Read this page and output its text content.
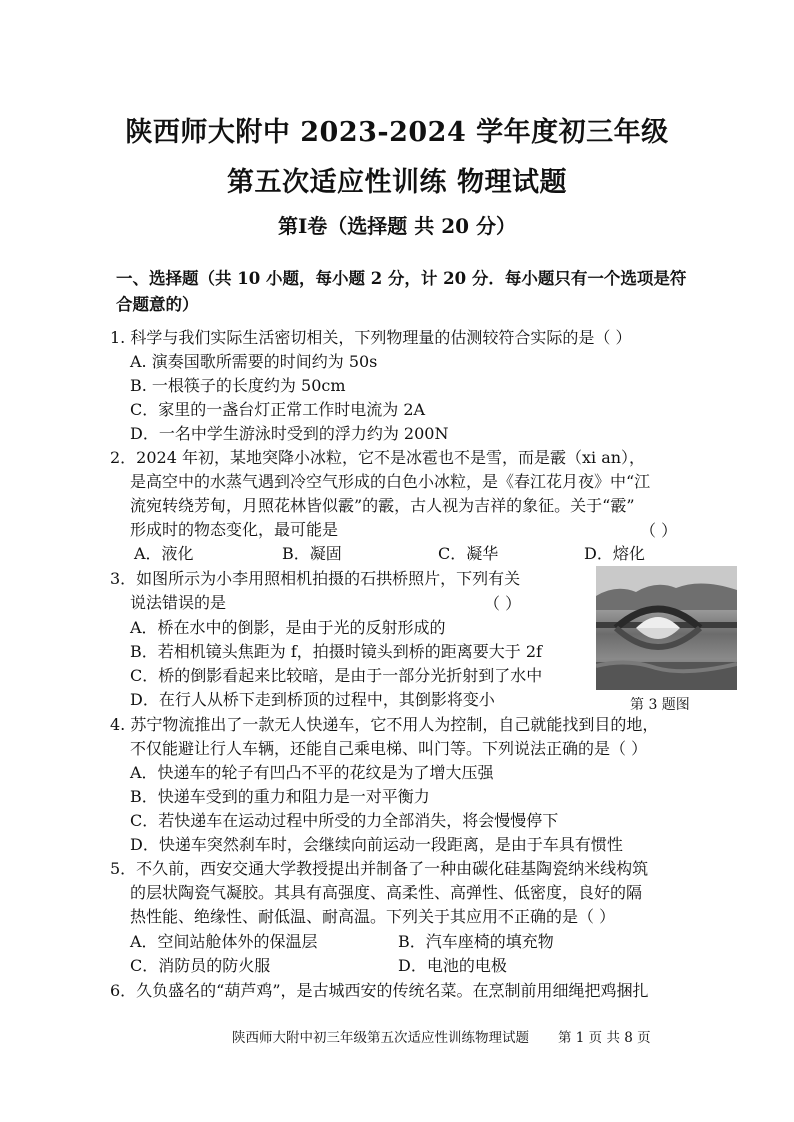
陕西师大附中 2023-2024 学年度初三年级
第五次适应性训练 物理试题
第Ⅰ卷（选择题 共 20 分）
一、选择题（共 10 小题，每小题 2 分，计 20 分．每小题只有一个选项是符
合题意的）
1. 科学与我们实际生活密切相关，下列物理量的估测较符合实际的是（ ）
A. 演奏国歌所需要的时间约为 50s
B. 一根筷子的长度约为 50cm
C．家里的一盏台灯正常工作时电流为 2A
D．一名中学生游泳时受到的浮力约为 200N
2．2024 年初，某地突降小冰粒，它不是冰雹也不是雪，而是霰（xi an），
是高空中的水蒸气遇到冷空气形成的白色小冰粒，是《春江花月夜》中“江
流宛转绕芳甸，月照花林皆似霰”的霰，古人视为吉祥的象征。关于“霰”
形成时的物态变化，最可能是	（ ）
A．液化	B．凝固	C．凝华	D．熔化
3．如图所示为小李用照相机拍摄的石拱桥照片，下列有关
说法错误的是	（ ）
A．桥在水中的倒影，是由于光的反射形成的
B．若相机镜头焦距为 f，拍摄时镜头到桥的距离要大于 2f
C．桥的倒影看起来比较暗，是由于一部分光折射到了水中
D．在行人从桥下走到桥顶的过程中，其倒影将变小	第 3 题图
4. 苏宁物流推出了一款无人快递车，它不用人为控制，自己就能找到目的地，
不仅能避让行人车辆，还能自己乘电梯、叫门等。下列说法正确的是（ ）
A．快递车的轮子有凹凸不平的花纹是为了增大压强
B．快递车受到的重力和阻力是一对平衡力
C．若快递车在运动过程中所受的力全部消失，将会慢慢停下
D．快递车突然刹车时，会继续向前运动一段距离，是由于车具有惯性
5．不久前，西安交通大学教授提出并制备了一种由碳化硅基陶瓷纳米线构筑
的层状陶瓷气凝胶。其具有高强度、高柔性、高弹性、低密度，良好的隔
热性能、绝缘性、耐低温、耐高温。下列关于其应用不正确的是（ ）
A．空间站舱体外的保温层	B．汽车座椅的填充物
C．消防员的防火服	D．电池的电极
6．久负盛名的“葫芦鸡”，是古城西安的传统名菜。在烹制前用细绳把鸡捆扎
陕西师大附中初三年级第五次适应性训练物理试题 第 1 页 共 8 页
